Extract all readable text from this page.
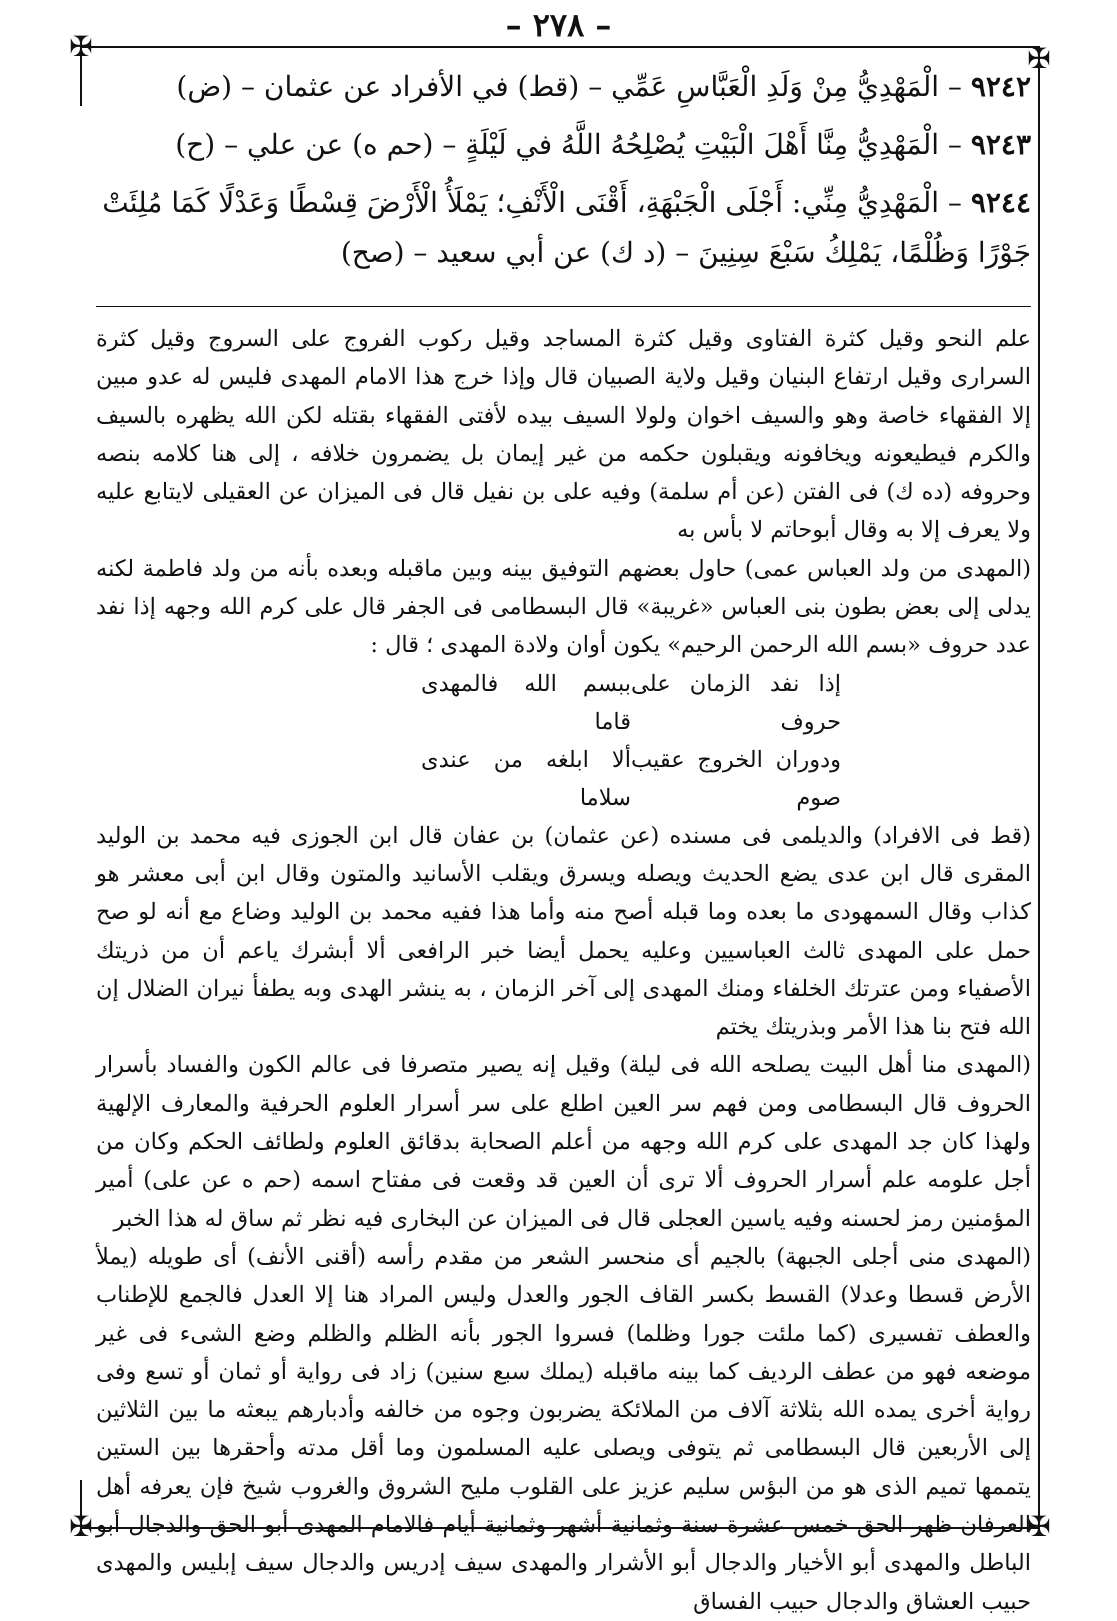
– ٢٧٨ –
✠	✠
✠	✠
٩٢٤٢ – الْمَهْدِيُّ مِنْ وَلَدِ الْعَبَّاسِ عَمِّي – (قط) في الأفراد عن عثمان – (ض)
٩٢٤٣ – الْمَهْدِيُّ مِنَّا أَهْلَ الْبَيْتِ يُصْلِحُهُ اللَّهُ في لَيْلَةٍ – (حم ه) عن علي – (ح)
٩٢٤٤ – الْمَهْدِيُّ مِنِّي: أَجْلَى الْجَبْهَةِ، أَقْنَى الْأَنْفِ؛ يَمْلَأُ الْأَرْضَ قِسْطًا وَعَدْلًا كَمَا مُلِئَتْ جَوْرًا وَظُلْمًا، يَمْلِكُ سَبْعَ سِنِينَ – (د ك) عن أبي سعيد – (صح)

علم النحو وقيل كثرة الفتاوى وقيل كثرة المساجد وقيل ركوب الفروج على السروج وقيل كثرة السرارى وقيل ارتفاع البنيان وقيل ولاية الصبيان قال وإذا خرج هذا الامام المهدى فليس له عدو مبين إلا الفقهاء خاصة وهو والسيف اخوان ولولا السيف بيده لأفتى الفقهاء بقتله لكن الله يظهره بالسيف والكرم فيطيعونه ويخافونه ويقبلون حكمه من غير إيمان بل يضمرون خلافه ، إلى هنا كلامه بنصه وحروفه (ده ك) فى الفتن (عن أم سلمة) وفيه على بن نفيل قال فى الميزان عن العقيلى لايتابع عليه ولا يعرف إلا به وقال أبوحاتم لا بأس به

(المهدى من ولد العباس عمى) حاول بعضهم التوفيق بينه وبين ماقبله وبعده بأنه من ولد فاطمة لكنه يدلى إلى بعض بطون بنى العباس «غريبة» قال البسطامى فى الجفر قال على كرم الله وجهه إذا نفد عدد حروف «بسم الله الرحمن الرحيم» يكون أوان ولادة المهدى ؛ قال :

إذا نفد الزمان على حروف
ببسم الله فالمهدى قاما
ودوران الخروج عقيب صوم
ألا ابلغه من عندى سلاما

(قط فى الافراد) والديلمى فى مسنده (عن عثمان) بن عفان قال ابن الجوزى فيه محمد بن الوليد المقرى قال ابن عدى يضع الحديث ويصله ويسرق ويقلب الأسانيد والمتون وقال ابن أبى معشر هو كذاب وقال السمهودى ما بعده وما قبله أصح منه وأما هذا ففيه محمد بن الوليد وضاع مع أنه لو صح حمل على المهدى ثالث العباسيين وعليه يحمل أيضا خبر الرافعى ألا أبشرك ياعم أن من ذريتك الأصفياء ومن عترتك الخلفاء ومنك المهدى إلى آخر الزمان ، به ينشر الهدى وبه يطفأ نيران الضلال إن الله فتح بنا هذا الأمر وبذريتك يختم

(المهدى منا أهل البيت يصلحه الله فى ليلة) وقيل إنه يصير متصرفا فى عالم الكون والفساد بأسرار الحروف قال البسطامى ومن فهم سر العين اطلع على سر أسرار العلوم الحرفية والمعارف الإلهية ولهذا كان جد المهدى على كرم الله وجهه من أعلم الصحابة بدقائق العلوم ولطائف الحكم وكان من أجل علومه علم أسرار الحروف ألا ترى أن العين قد وقعت فى مفتاح اسمه (حم ه عن على) أمير المؤمنين رمز لحسنه وفيه ياسين العجلى قال فى الميزان عن البخارى فيه نظر ثم ساق له هذا الخبر

(المهدى منى أجلى الجبهة) بالجيم أى منحسر الشعر من مقدم رأسه (أقنى الأنف) أى طويله (يملأ الأرض قسطا وعدلا) القسط بكسر القاف الجور والعدل وليس المراد هنا إلا العدل فالجمع للإطناب والعطف تفسيرى (كما ملئت جورا وظلما) فسروا الجور بأنه الظلم والظلم وضع الشىء فى غير موضعه فهو من عطف الرديف كما بينه ماقبله (يملك سبع سنين) زاد فى رواية أو ثمان أو تسع وفى رواية أخرى يمده الله بثلاثة آلاف من الملائكة يضربون وجوه من خالفه وأدبارهم يبعثه ما بين الثلاثين إلى الأربعين قال البسطامى ثم يتوفى ويصلى عليه المسلمون وما أقل مدته وأحقرها بين الستين يتممها تميم الذى هو من البؤس سليم عزيز على القلوب مليح الشروق والغروب شيخ فإن يعرفه أهل العرفان ظهر الحق خمس عشرة سنة وثمانية أشهر وثمانية أيام فالامام المهدى أبو الحق والدجال أبو الباطل والمهدى أبو الأخيار والدجال أبو الأشرار والمهدى سيف إدريس والدجال سيف إبليس والمهدى حبيب العشاق والدجال حبيب الفساق
